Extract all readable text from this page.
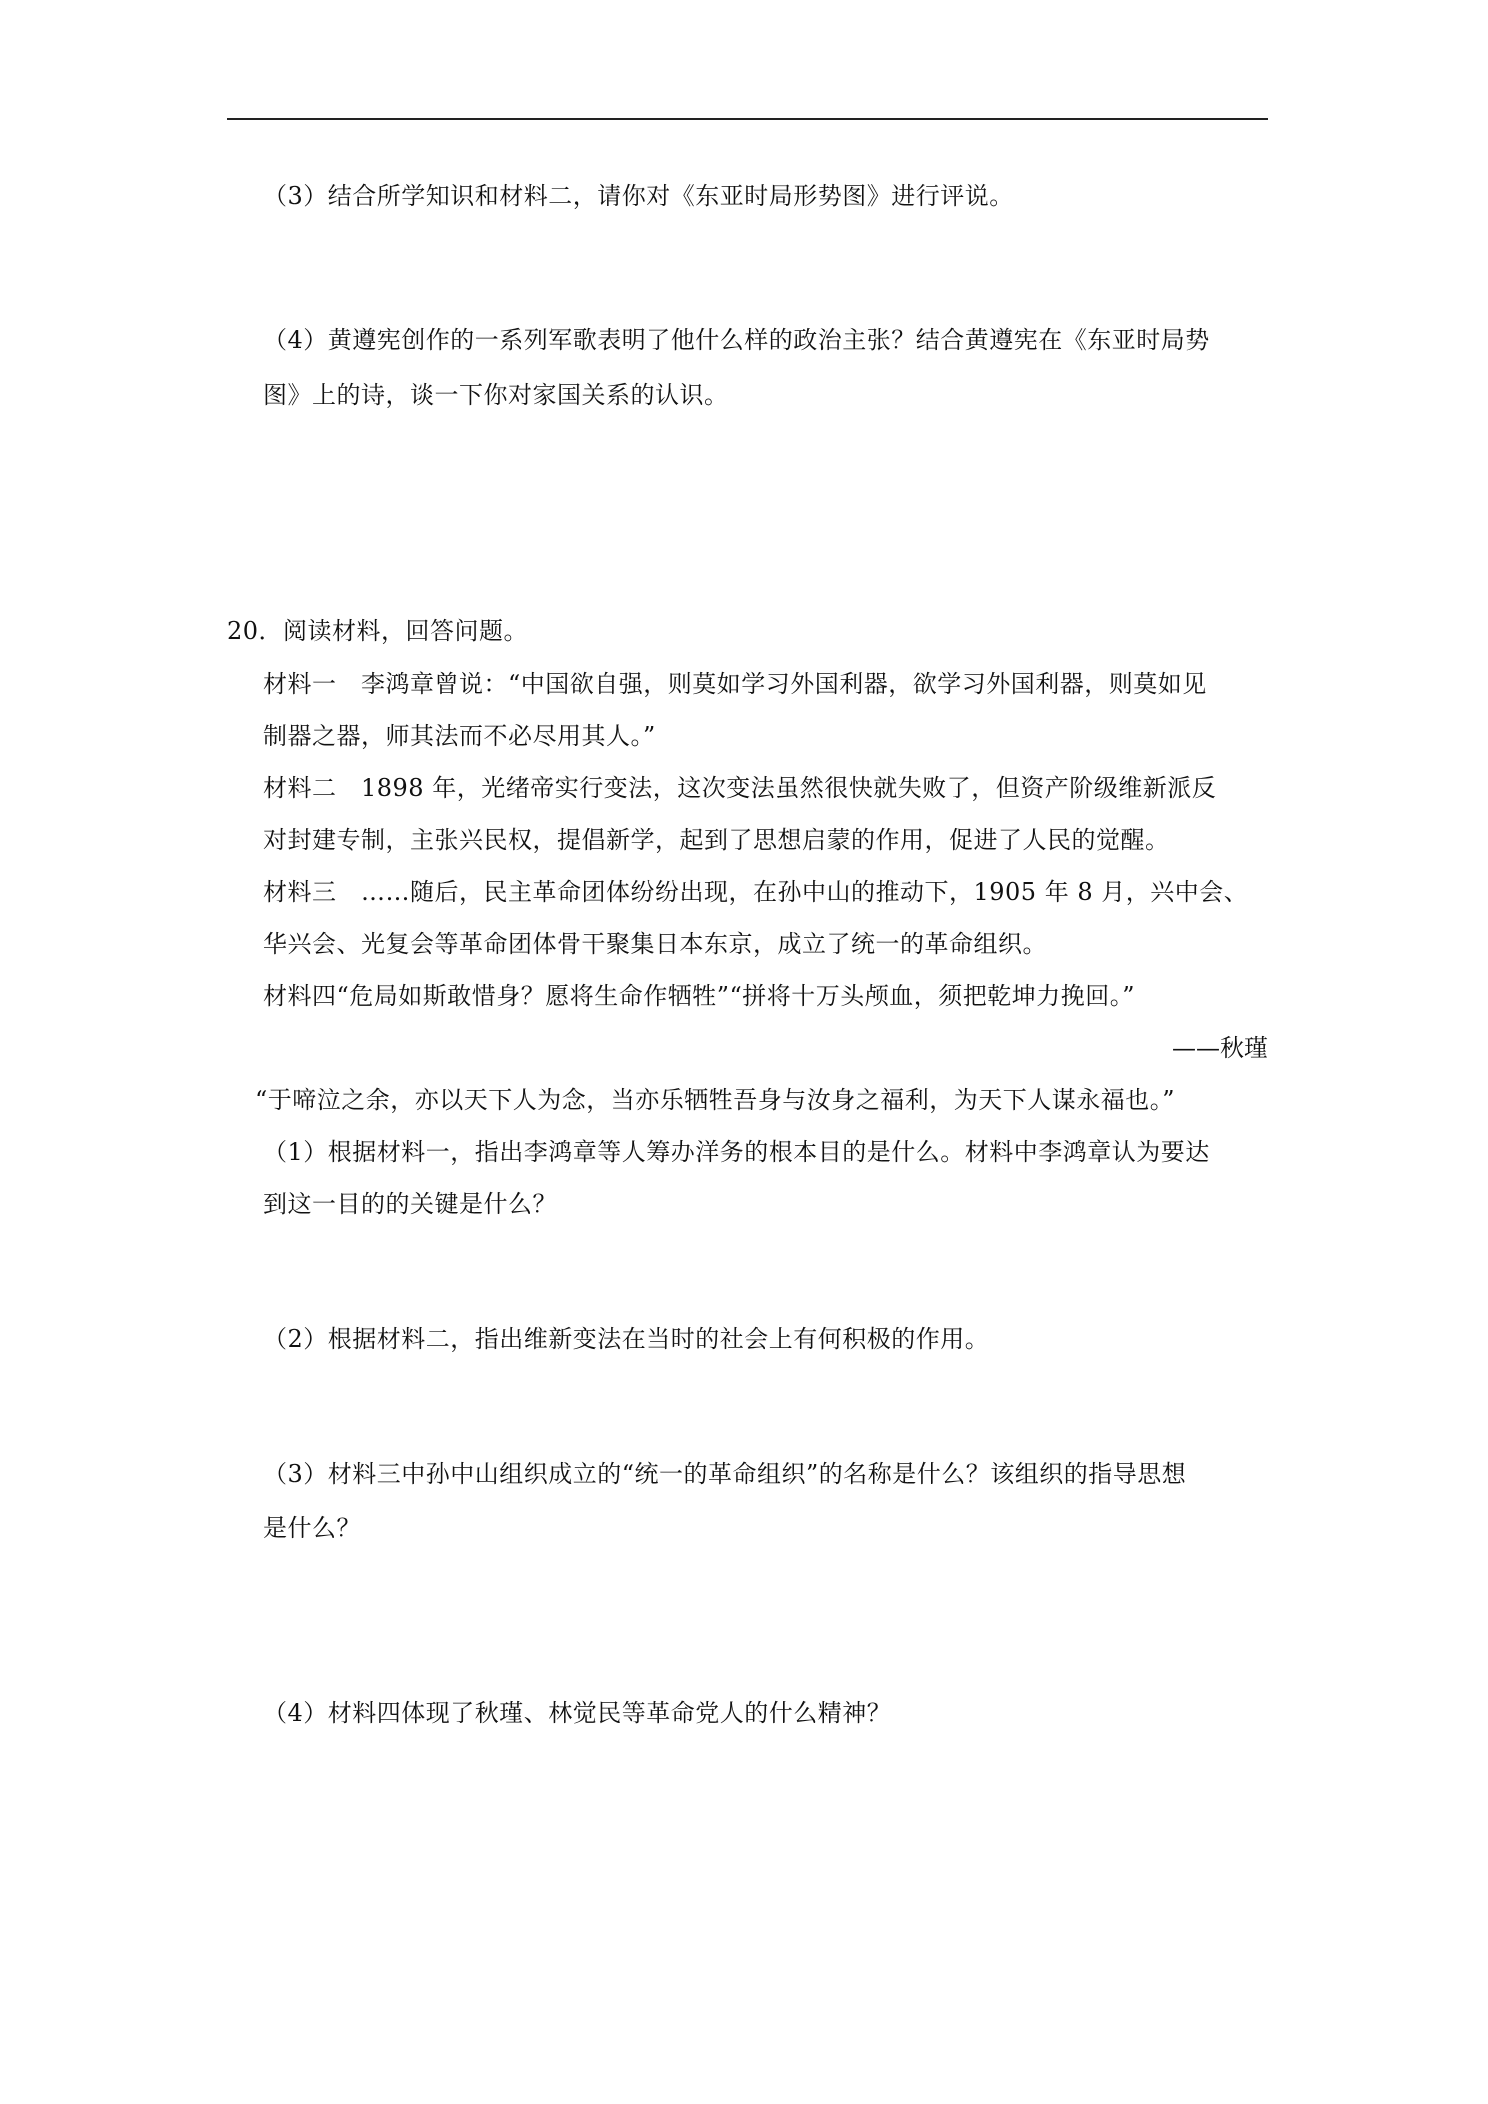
（3）结合所学知识和材料二，请你对《东亚时局形势图》进行评说。
（4）黄遵宪创作的一系列军歌表明了他什么样的政治主张？结合黄遵宪在《东亚时局势
图》上的诗，谈一下你对家国关系的认识。
20．阅读材料，回答问题。
材料一　李鸿章曾说：“中国欲自强，则莫如学习外国利器，欲学习外国利器，则莫如见
制器之器，师其法而不必尽用其人。”
材料二　1898 年，光绪帝实行变法，这次变法虽然很快就失败了，但资产阶级维新派反
对封建专制，主张兴民权，提倡新学，起到了思想启蒙的作用，促进了人民的觉醒。
材料三　……随后，民主革命团体纷纷出现，在孙中山的推动下，1905 年 8 月，兴中会、
华兴会、光复会等革命团体骨干聚集日本东京，成立了统一的革命组织。
材料四“危局如斯敢惜身？愿将生命作牺牲”“拼将十万头颅血，须把乾坤力挽回。”
——秋瑾
“于啼泣之余，亦以天下人为念，当亦乐牺牲吾身与汝身之福利，为天下人谋永福也。”
（1）根据材料一，指出李鸿章等人筹办洋务的根本目的是什么。材料中李鸿章认为要达
到这一目的的关键是什么？
（2）根据材料二，指出维新变法在当时的社会上有何积极的作用。
（3）材料三中孙中山组织成立的“统一的革命组织”的名称是什么？该组织的指导思想
是什么？
（4）材料四体现了秋瑾、林觉民等革命党人的什么精神？
